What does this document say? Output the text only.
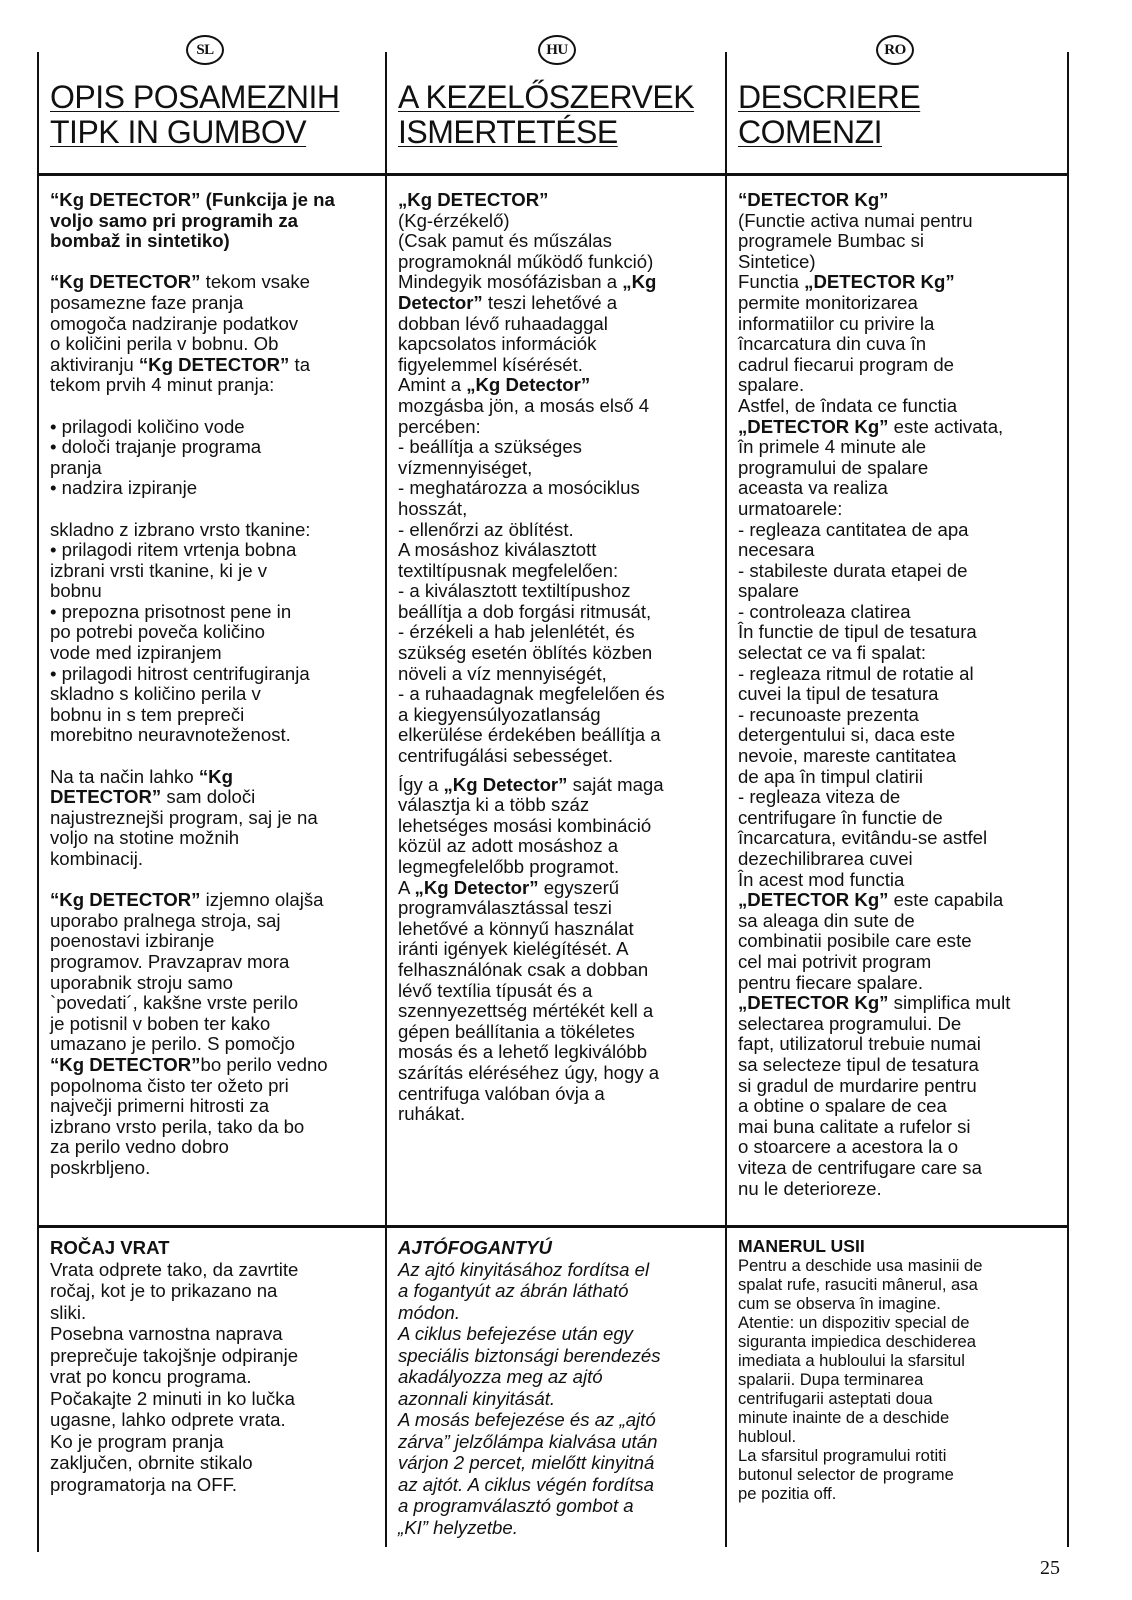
SL	HU	RO
OPIS POSAMEZNIH
TIPK IN GUMBOV
A KEZELŐSZERVEK
ISMERTETÉSE
DESCRIERE
COMENZI

“Kg DETECTOR” (Funkcija je na

voljo samo pri programih za

bombaž in sintetiko)

“Kg DETECTOR” tekom vsake

posamezne faze pranja

omogoča nadziranje podatkov

o količini perila v bobnu. Ob

aktiviranju “Kg DETECTOR” ta

tekom prvih 4 minut pranja:

• prilagodi količino vode

• določi trajanje programa

pranja

• nadzira izpiranje

skladno z izbrano vrsto tkanine:

• prilagodi ritem vrtenja bobna

izbrani vrsti tkanine, ki je v

bobnu

• prepozna prisotnost pene in

po potrebi poveča količino

vode med izpiranjem

• prilagodi hitrost centrifugiranja

skladno s količino perila v

bobnu in s tem prepreči

morebitno neuravnoteženost.

Na ta način lahko “Kg

DETECTOR” sam določi

najustreznejši program, saj je na

voljo na stotine možnih

kombinacij.

“Kg DETECTOR” izjemno olajša

uporabo pralnega stroja, saj

poenostavi izbiranje

programov. Pravzaprav mora

uporabnik stroju samo

`povedati´, kakšne vrste perilo

je potisnil v boben ter kako

umazano je perilo. S pomočjo

“Kg DETECTOR”bo perilo vedno

popolnoma čisto ter ožeto pri

največji primerni hitrosti za

izbrano vrsto perila, tako da bo

za perilo vedno dobro

poskrbljeno.

„Kg DETECTOR”

(Kg-érzékelő)

(Csak pamut és műszálas

programoknál működő funkció)

Mindegyik mosófázisban a „Kg

Detector” teszi lehetővé a

dobban lévő ruhaadaggal

kapcsolatos információk

figyelemmel kísérését.

Amint a „Kg Detector”

mozgásba jön, a mosás első 4

percében:

- beállítja a szükséges

vízmennyiséget,

- meghatározza a mosóciklus

hosszát,

- ellenőrzi az öblítést.

A mosáshoz kiválasztott

textiltípusnak megfelelően:

- a kiválasztott textiltípushoz

beállítja a dob forgási ritmusát,

- érzékeli a hab jelenlétét, és

szükség esetén öblítés közben

növeli a víz mennyiségét,

- a ruhaadagnak megfelelően és

a kiegyensúlyozatlanság

elkerülése érdekében beállítja a

centrifugálási sebességet.

Így a „Kg Detector” saját maga

választja ki a több száz

lehetséges mosási kombináció

közül az adott mosáshoz a

legmegfelelőbb programot.

A „Kg Detector” egyszerű

programválasztással teszi

lehetővé a könnyű használat

iránti igények kielégítését. A

felhasználónak csak a dobban

lévő textília típusát és a

szennyezettség mértékét kell a

gépen beállítania a tökéletes

mosás és a lehető legkiválóbb

szárítás eléréséhez úgy, hogy a

centrifuga valóban óvja a

ruhákat.

“DETECTOR Kg”

(Functie activa numai pentru

programele Bumbac si

Sintetice)

Functia „DETECTOR Kg”

permite monitorizarea

informatiilor cu privire la

încarcatura din cuva în

cadrul fiecarui program de

spalare.

Astfel, de îndata ce functia

„DETECTOR Kg” este activata,

în primele 4 minute ale

programului de spalare

aceasta va realiza

urmatoarele:

- regleaza cantitatea de apa

necesara

- stabileste durata etapei de

spalare

- controleaza clatirea

În functie de tipul de tesatura

selectat ce va fi spalat:

- regleaza ritmul de rotatie al

cuvei la tipul de tesatura

- recunoaste prezenta

detergentului si, daca este

nevoie, mareste cantitatea

de apa în timpul clatirii

- regleaza viteza de

centrifugare în functie de

încarcatura, evitându-se astfel

dezechilibrarea cuvei

În acest mod functia

„DETECTOR Kg” este capabila

sa aleaga din sute de

combinatii posibile care este

cel mai potrivit program

pentru fiecare spalare.

„DETECTOR Kg” simplifica mult

selectarea programului. De

fapt, utilizatorul trebuie numai

sa selecteze tipul de tesatura

si gradul de murdarire pentru

a obtine o spalare de cea

mai buna calitate a rufelor si

o stoarcere a acestora la o

viteza de centrifugare care sa

nu le deterioreze.

ROČAJ VRAT

Vrata odprete tako, da zavrtite

ročaj, kot je to prikazano na

sliki.

Posebna varnostna naprava

preprečuje takojšnje odpiranje

vrat po koncu programa.

Počakajte 2 minuti in ko lučka

ugasne, lahko odprete vrata.

Ko je program pranja

zaključen, obrnite stikalo

programatorja na OFF.

AJTÓFOGANTYÚ

Az ajtó kinyitásához fordítsa el

a fogantyút az ábrán látható

módon.

A ciklus befejezése után egy

speciális biztonsági berendezés

akadályozza meg az ajtó

azonnali kinyitását.

A mosás befejezése és az „ajtó

zárva” jelzőlámpa kialvása után

várjon 2 percet, mielőtt kinyitná

az ajtót. A ciklus végén fordítsa

a programválasztó gombot a

„KI” helyzetbe.

MANERUL USII

Pentru a deschide usa masinii de

spalat rufe, rasuciti mânerul, asa

cum se observa în imagine.

Atentie: un dispozitiv special de

siguranta impiedica deschiderea

imediata a hubloului la sfarsitul

spalarii. Dupa terminarea

centrifugarii asteptati doua

minute inainte de a deschide

hubloul.

La sfarsitul programului rotiti

butonul selector de programe

pe pozitia off.

25
